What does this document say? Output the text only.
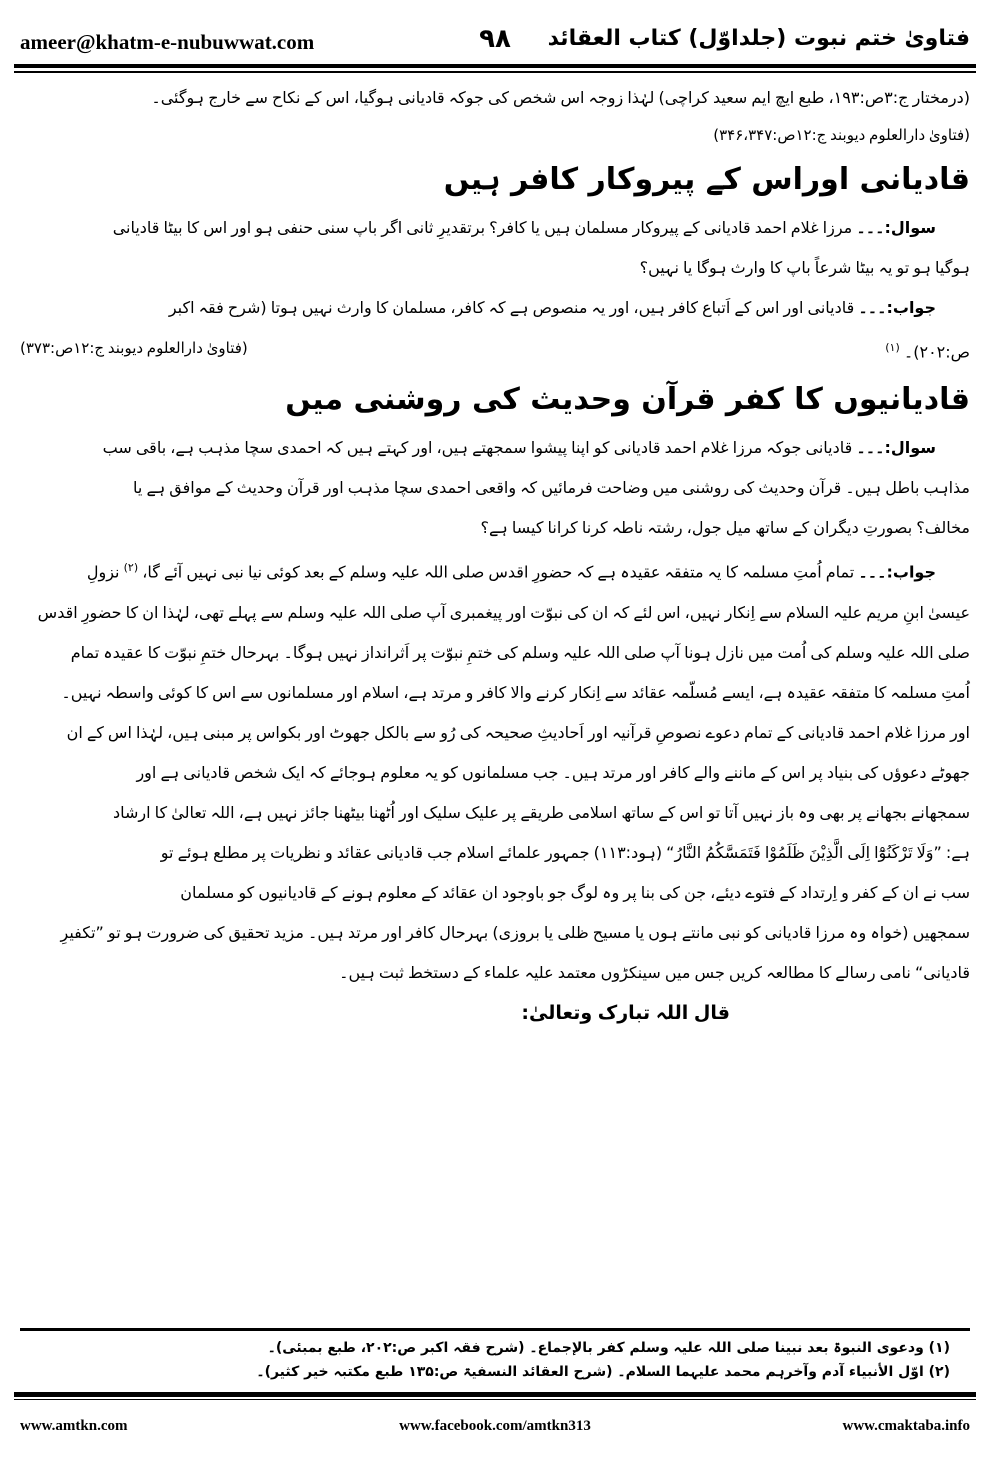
ameer@khatm-e-nubuwwat.com	۹۸	فتاویٰ ختم نبوت (جلداوّل) کتاب العقائد
(درمختار ج:۳ص:۱۹۳، طبع ایچ ایم سعید کراچی) لہٰذا زوجہ اس شخص کی جوکہ قادیانی ہوگیا، اس کے نکاح سے خارج ہوگئی۔
(فتاویٰ دارالعلوم دیوبند ج:۱۲ص:۳۴۶،۳۴۷)
قادیانی اوراس کے پیروکار کافر ہیں
سوال:۔۔۔ مرزا غلام احمد قادیانی کے پیروکار مسلمان ہیں یا کافر؟ برتقدیرِ ثانی اگر باپ سنی حنفی ہو اور اس کا بیٹا قادیانی
ہوگیا ہو تو یہ بیٹا شرعاً باپ کا وارث ہوگا یا نہیں؟
جواب:۔۔۔ قادیانی اور اس کے اَتباع کافر ہیں، اور یہ منصوص ہے کہ کافر، مسلمان کا وارث نہیں ہوتا (شرح فقہ اکبر
ص:۲۰۲)۔ $^{(۱)}$
(فتاویٰ دارالعلوم دیوبند ج:۱۲ص:۳۷۳)
قادیانیوں کا کفر قرآن وحدیث کی روشنی میں
سوال:۔۔۔ قادیانی جوکہ مرزا غلام احمد قادیانی کو اپنا پیشوا سمجھتے ہیں، اور کہتے ہیں کہ احمدی سچا مذہب ہے، باقی سب
مذاہب باطل ہیں۔ قرآن وحدیث کی روشنی میں وضاحت فرمائیں کہ واقعی احمدی سچا مذہب اور قرآن وحدیث کے موافق ہے یا
مخالف؟ بصورتِ دیگران کے ساتھ میل جول، رشتہ ناطہ کرنا کرانا کیسا ہے؟
جواب:۔۔۔ تمام اُمتِ مسلمہ کا یہ متفقہ عقیدہ ہے کہ حضورِ اقدس صلی اللہ علیہ وسلم کے بعد کوئی نیا نبی نہیں آئے گا، $^{(۲)}$ نزولِ
عیسیٰ ابنِ مریم علیہ السلام سے اِنکار نہیں، اس لئے کہ ان کی نبوّت اور پیغمبری آپ صلی اللہ علیہ وسلم سے پہلے تھی، لہٰذا ان کا حضورِ اقدس
صلی اللہ علیہ وسلم کی اُمت میں نازل ہونا آپ صلی اللہ علیہ وسلم کی ختمِ نبوّت پر اَثرانداز نہیں ہوگا۔ بہرحال ختمِ نبوّت کا عقیدہ تمام
اُمتِ مسلمہ کا متفقہ عقیدہ ہے، ایسے مُسلّمہ عقائد سے اِنکار کرنے والا کافر و مرتد ہے، اسلام اور مسلمانوں سے اس کا کوئی واسطہ نہیں۔
اور مرزا غلام احمد قادیانی کے تمام دعوے نصوصِ قرآنیہ اور اَحادیثِ صحیحہ کی رُو سے بالکل جھوٹ اور بکواس پر مبنی ہیں، لہٰذا اس کے ان
جھوٹے دعوؤں کی بنیاد پر اس کے ماننے والے کافر اور مرتد ہیں۔ جب مسلمانوں کو یہ معلوم ہوجائے کہ ایک شخص قادیانی ہے اور
سمجھانے بجھانے پر بھی وہ باز نہیں آتا تو اس کے ساتھ اسلامی طریقے پر علیک سلیک اور اُٹھنا بیٹھنا جائز نہیں ہے، اللہ تعالیٰ کا ارشاد
ہے: ”وَلَا تَرْکَنُوْٓا اِلَی الَّذِیْنَ ظَلَمُوْا فَتَمَسَّکُمُ النَّارُ“ (ہود:۱۱۳) جمہور علمائے اسلام جب قادیانی عقائد و نظریات پر مطلع ہوئے تو
سب نے ان کے کفر و اِرتداد کے فتوے دیئے، جن کی بنا پر وہ لوگ جو باوجود ان عقائد کے معلوم ہونے کے قادیانیوں کو مسلمان
سمجھیں (خواہ وہ مرزا قادیانی کو نبی مانتے ہوں یا مسیح ظلی یا بروزی) بہرحال کافر اور مرتد ہیں۔ مزید تحقیق کی ضرورت ہو تو ”تکفیرِ
قادیانی“ نامی رسالے کا مطالعہ کریں جس میں سینکڑوں معتمد علیہ علماء کے دستخط ثبت ہیں۔
قال اللہ تبارک وتعالیٰ:
(۱) ودعوی النبوۃ بعد نبینا صلی اللہ علیہ وسلم کفر بالإجماع۔ (شرح فقہ اکبر ص:۲۰۲، طبع بمبئی)۔
(۲) اوّل الأنبیاء آدم وآخرہم محمد علیہما السلام۔ (شرح العقائد النسفیۃ ص:۱۳۵ طبع مکتبہ خیر کثیر)۔
www.amtkn.com	www.facebook.com/amtkn313	www.cmaktaba.info
